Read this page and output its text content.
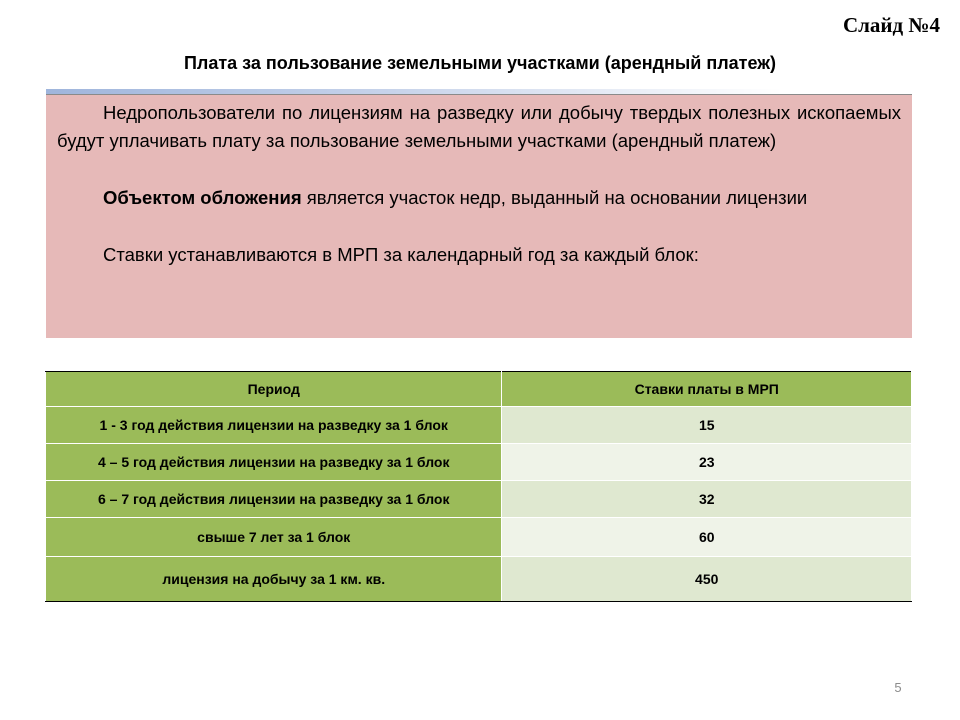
Слайд №4
Плата за пользование земельными участками (арендный платеж)

Недропользователи по лицензиям на разведку или добычу твердых полезных ископаемых будут уплачивать плату за пользование земельными участками (арендный платеж)

Объектом обложения является участок недр, выданный на основании лицензии

Ставки устанавливаются в МРП за календарный год за каждый блок:

Период	Ставки платы в МРП
1 - 3 год действия лицензии на разведку за 1 блок	15
4 – 5 год действия лицензии на разведку за 1 блок	23
6 – 7 год действия лицензии на разведку за 1 блок	32
свыше 7 лет за 1 блок	60
лицензия на добычу за 1 км. кв.	450
5
